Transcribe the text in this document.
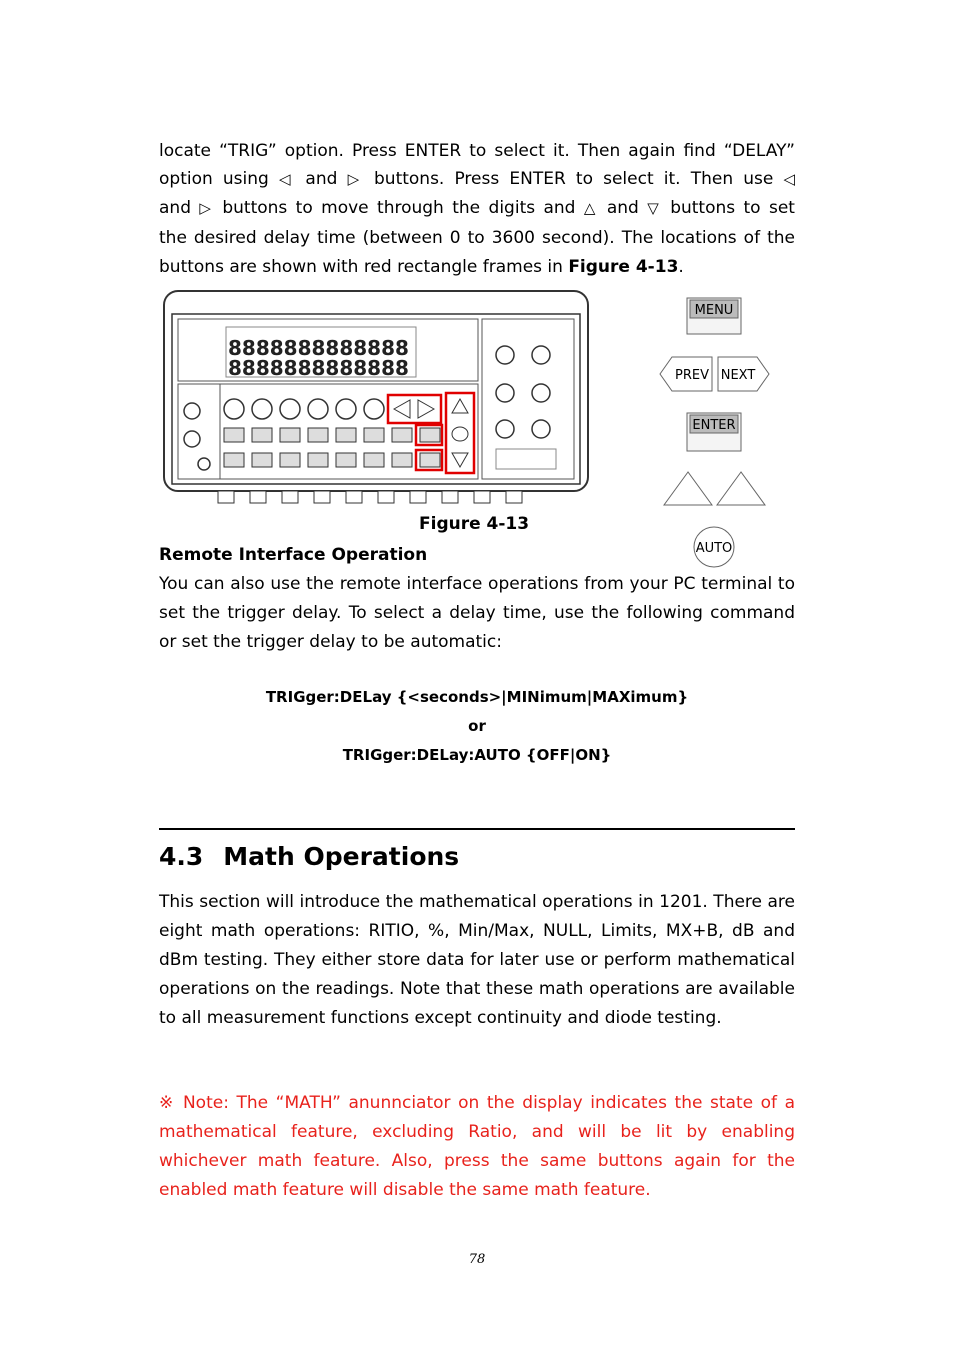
locate “TRIG” option. Press ENTER to select it. Then again find “DELAY”
option using ◁ and ▷ buttons. Press ENTER to select it. Then use ◁
and ▷ buttons to move through the digits and △ and ▽ buttons to set
the desired delay time (between 0 to 3600 second). The locations of the
buttons are shown with red rectangle frames in Figure 4-13.
8888888888888
8888888888888
MENU
PREV NEXT
ENTER
AUTO
Figure 4-13
Remote Interface Operation
You can also use the remote interface operations from your PC terminal to set the trigger delay. To select a delay time, use the following command or set the trigger delay to be automatic:
TRIGger:DELay {<seconds>|MINimum|MAXimum}
or
TRIGger:DELay:AUTO {OFF|ON}
4.3 Math Operations
This section will introduce the mathematical operations in 1201. There are eight math operations: RITIO, %, Min/Max, NULL, Limits, MX+B, dB and dBm testing. They either store data for later use or perform mathematical operations on the readings. Note that these math operations are available to all measurement functions except continuity and diode testing.
※ Note: The “MATH” anunnciator on the display indicates the state of a mathematical feature, excluding Ratio, and will be lit by enabling whichever math feature. Also, press the same buttons again for the enabled math feature will disable the same math feature.
78
